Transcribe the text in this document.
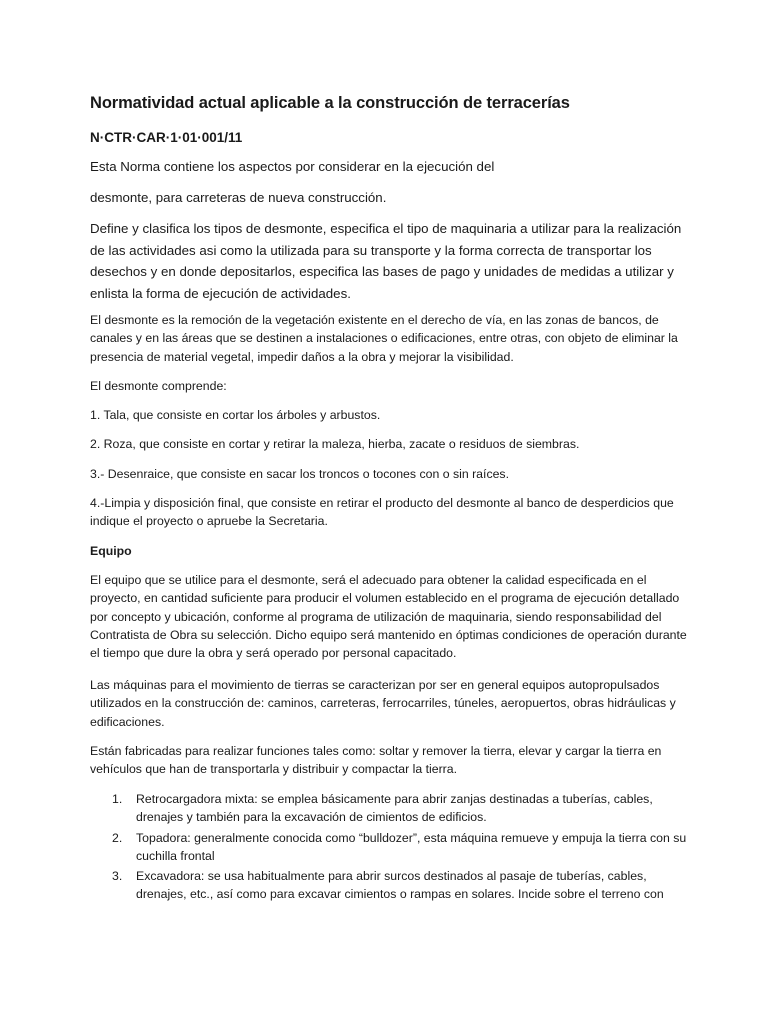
Normatividad actual aplicable a la construcción de terracerías
N·CTR·CAR·1·01·001/11

Esta Norma contiene los aspectos por considerar en la ejecución del

desmonte, para carreteras de nueva construcción.

Define y clasifica los tipos de desmonte, especifica el tipo de maquinaria a utilizar para la realización de las actividades asi como la utilizada para su transporte y la forma correcta de transportar los desechos y en donde depositarlos, especifica las bases de pago y unidades de medidas a utilizar y enlista la forma de ejecución de actividades.

El desmonte es la remoción de la vegetación existente en el derecho de vía, en las zonas de bancos, de canales y en las áreas que se destinen a instalaciones o edificaciones, entre otras, con objeto de eliminar la presencia de material vegetal, impedir daños a la obra y mejorar la visibilidad.

El desmonte comprende:

1. Tala, que consiste en cortar los árboles y arbustos.

2. Roza, que consiste en cortar y retirar la maleza, hierba, zacate o residuos de siembras.

3.- Desenraice, que consiste en sacar los troncos o tocones con o sin raíces.

4.-Limpia y disposición final, que consiste en retirar el producto del desmonte al banco de desperdicios que indique el proyecto o apruebe la Secretaria.

Equipo

El equipo que se utilice para el desmonte, será el adecuado para obtener la calidad especificada en el proyecto, en cantidad suficiente para producir el volumen establecido en el programa de ejecución detallado por concepto y ubicación, conforme al programa de utilización de maquinaria, siendo responsabilidad del Contratista de Obra su selección. Dicho equipo será mantenido en óptimas condiciones de operación durante el tiempo que dure la obra y será operado por personal capacitado.

Las máquinas para el movimiento de tierras se caracterizan por ser en general equipos autopropulsados utilizados en la construcción de: caminos, carreteras, ferrocarriles, túneles, aeropuertos, obras hidráulicas y edificaciones.

Están fabricadas para realizar funciones tales como: soltar y remover la tierra, elevar y cargar la tierra en vehículos que han de transportarla y distribuir y compactar la tierra.

1. Retrocargadora mixta: se emplea básicamente para abrir zanjas destinadas a tuberías, cables, drenajes y también para la excavación de cimientos de edificios.
2. Topadora: generalmente conocida como “bulldozer”, esta máquina remueve y empuja la tierra con su cuchilla frontal
3. Excavadora: se usa habitualmente para abrir surcos destinados al pasaje de tuberías, cables, drenajes, etc., así como para excavar cimientos o rampas en solares. Incide sobre el terreno con
